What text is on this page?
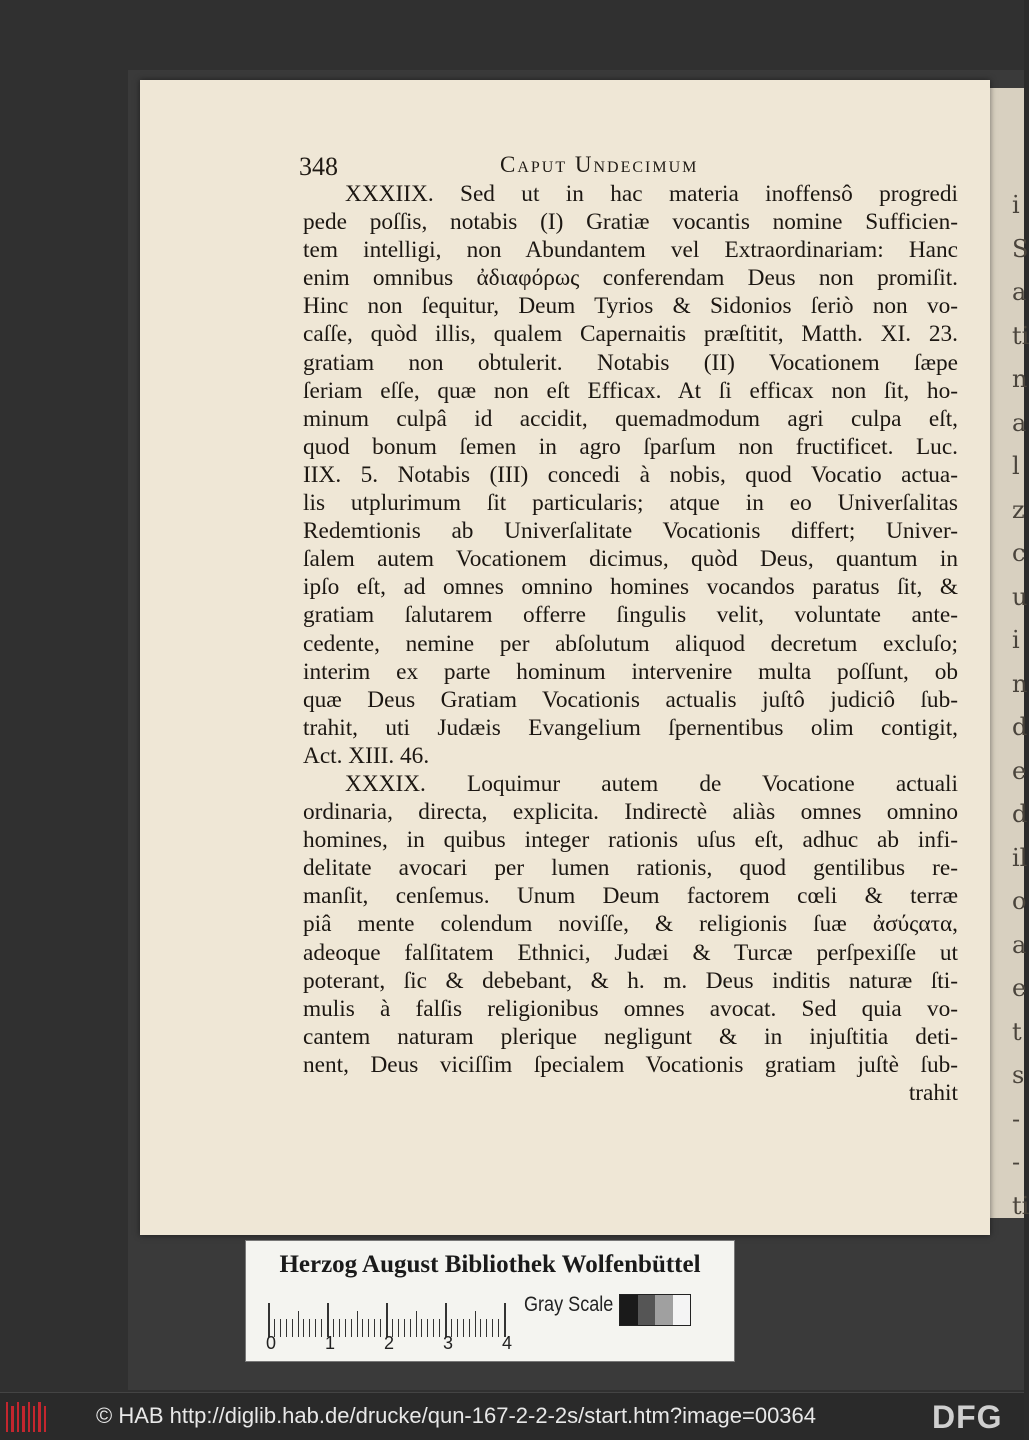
i
S
a
ti
n
a
l
z
c
u
i
n
d
e
d
il
o
a
e
t
s
-
-
ti
348	Caput Undecimum
XXXIIX. Sed ut in hac materia inoffensô progredi
pede poſſis, notabis (I) Gratiæ vocantis nomine Sufficien-
tem intelligi, non Abundantem vel Extraordinariam: Hanc
enim omnibus ἀδιαφόρως conferendam Deus non promiſit.
Hinc non ſequitur, Deum Tyrios & Sidonios ſeriò non vo-
caſſe, quòd illis, qualem Capernaitis præſtitit, Matth. XI. 23.
gratiam non obtulerit. Notabis (II) Vocationem ſæpe
ſeriam eſſe, quæ non eſt Efficax. At ſi efficax non ſit, ho-
minum culpâ id accidit, quemadmodum agri culpa eſt,
quod bonum ſemen in agro ſparſum non fructificet. Luc.
IIX. 5. Notabis (III) concedi à nobis, quod Vocatio actua-
lis utplurimum ſit particularis; atque in eo Univerſalitas
Redemtionis ab Univerſalitate Vocationis differt; Univer-
ſalem autem Vocationem dicimus, quòd Deus, quantum in
ipſo eſt, ad omnes omnino homines vocandos paratus ſit, &
gratiam ſalutarem offerre ſingulis velit, voluntate ante-
cedente, nemine per abſolutum aliquod decretum excluſo;
interim ex parte hominum intervenire multa poſſunt, ob
quæ Deus Gratiam Vocationis actualis juſtô judiciô ſub-
trahit, uti Judæis Evangelium ſpernentibus olim contigit,
Act. XIII. 46.
XXXIX. Loquimur autem de Vocatione actuali
ordinaria, directa, explicita. Indirectè aliàs omnes omnino
homines, in quibus integer rationis uſus eſt, adhuc ab infi-
delitate avocari per lumen rationis, quod gentilibus re-
manſit, cenſemus. Unum Deum factorem cœli & terræ
piâ mente colendum noviſſe, & religionis ſuæ ἀσύςατα,
adeoque falſitatem Ethnici, Judæi & Turcæ perſpexiſſe ut
poterant, ſic & debebant, & h. m. Deus inditis naturæ ſti-
mulis à falſis religionibus omnes avocat. Sed quia vo-
cantem naturam plerique negligunt & in injuſtitia deti-
nent, Deus viciſſim ſpecialem Vocationis gratiam juſtè ſub-
trahit
Herzog August Bibliothek Wolfenbüttel
0	1	2	3	4
Gray Scale
© HAB http://diglib.hab.de/drucke/qun-167-2-2-2s/start.htm?image=00364	DFG
